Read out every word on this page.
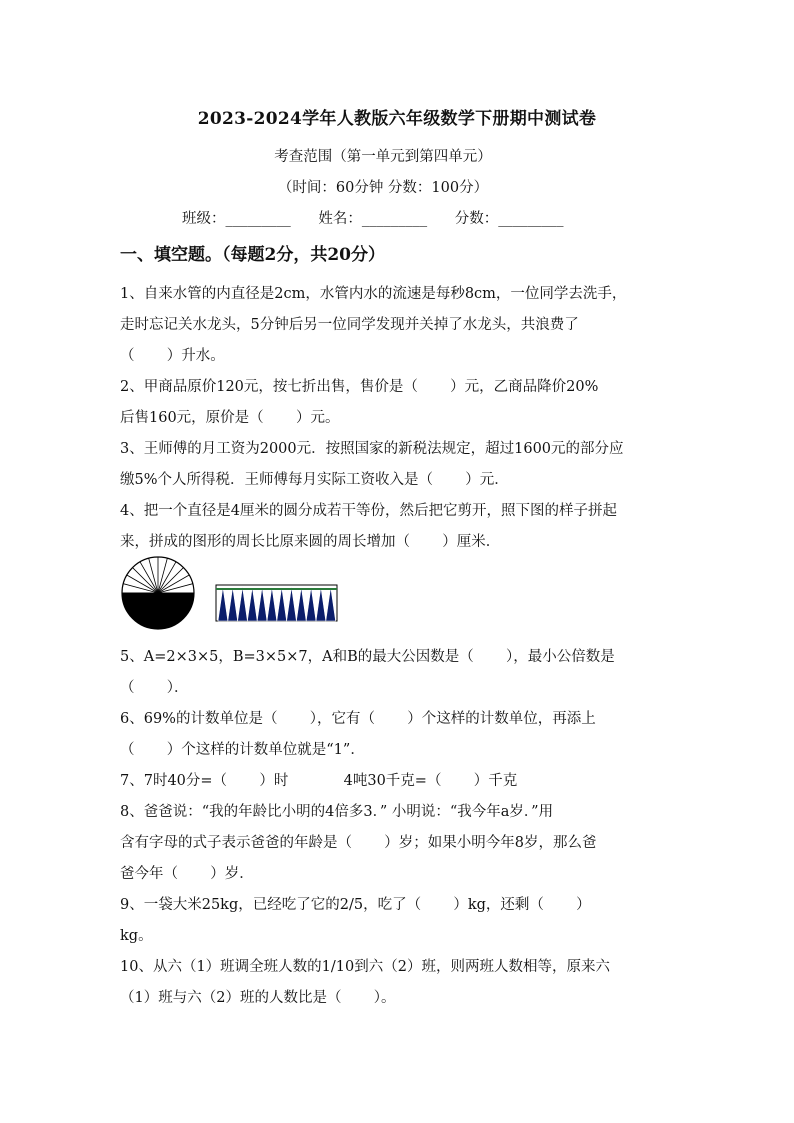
2023-2024学年人教版六年级数学下册期中测试卷
考查范围（第一单元到第四单元）
（时间：60分钟 分数：100分）
班级：_________      姓名：_________      分数：_________
一、填空题。（每题2分，共20分）
1、自来水管的内直径是2cm，水管内水的流速是每秒8cm，一位同学去洗手，
走时忘记关水龙头，5分钟后另一位同学发现并关掉了水龙头，共浪费了
（       ）升水。
2、甲商品原价120元，按七折出售，售价是（       ）元，乙商品降价20%
后售160元，原价是（       ）元。
3、王师傅的月工资为2000元．按照国家的新税法规定，超过1600元的部分应
缴5%个人所得税．王师傅每月实际工资收入是（       ）元．
4、把一个直径是4厘米的圆分成若干等份，然后把它剪开，照下图的样子拼起
来，拼成的图形的周长比原来圆的周长增加（       ）厘米．
5、A=2×3×5，B=3×5×7，A和B的最大公因数是（       ），最小公倍数是
（       ）．
6、69%的计数单位是（       ），它有（       ）个这样的计数单位，再添上
（       ）个这样的计数单位就是“1”．
7、7时40分=（       ）时            4吨30千克=（       ）千克
8、爸爸说：“我的年龄比小明的4倍多3．” 小明说：“我今年a岁．”用
含有字母的式子表示爸爸的年龄是（       ）岁；如果小明今年8岁，那么爸
爸今年（       ）岁．
9、一袋大米25kg，已经吃了它的2/5，吃了（       ）kg，还剩（       ）
kg。
10、从六（1）班调全班人数的1/10到六（2）班，则两班人数相等，原来六
（1）班与六（2）班的人数比是（       ）。
